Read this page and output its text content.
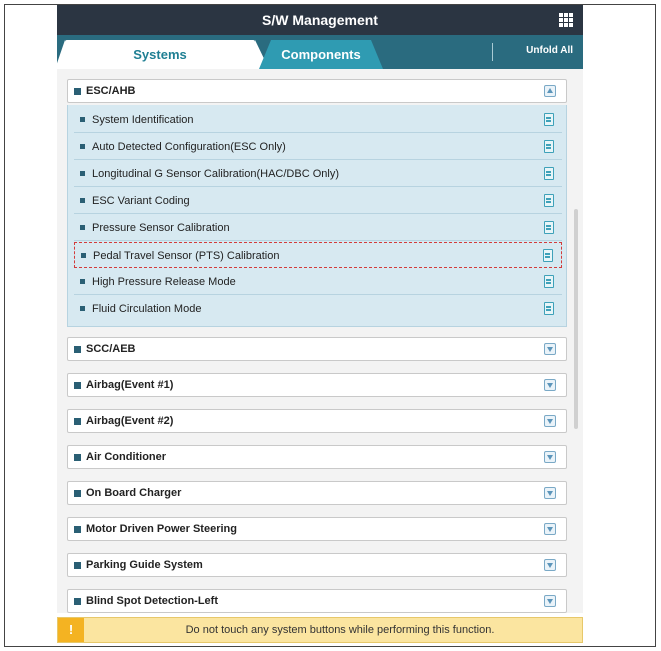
S/W Management
Systems	Components	Unfold All
ESC/AHB
System Identification
Auto Detected Configuration(ESC Only)
Longitudinal G Sensor Calibration(HAC/DBC Only)
ESC Variant Coding
Pressure Sensor Calibration
Pedal Travel Sensor (PTS) Calibration
High Pressure Release Mode
Fluid Circulation Mode
SCC/AEB
Airbag(Event #1)
Airbag(Event #2)
Air Conditioner
On Board Charger
Motor Driven Power Steering
Parking Guide System
Blind Spot Detection-Left
!	Do not touch any system buttons while performing this function.
